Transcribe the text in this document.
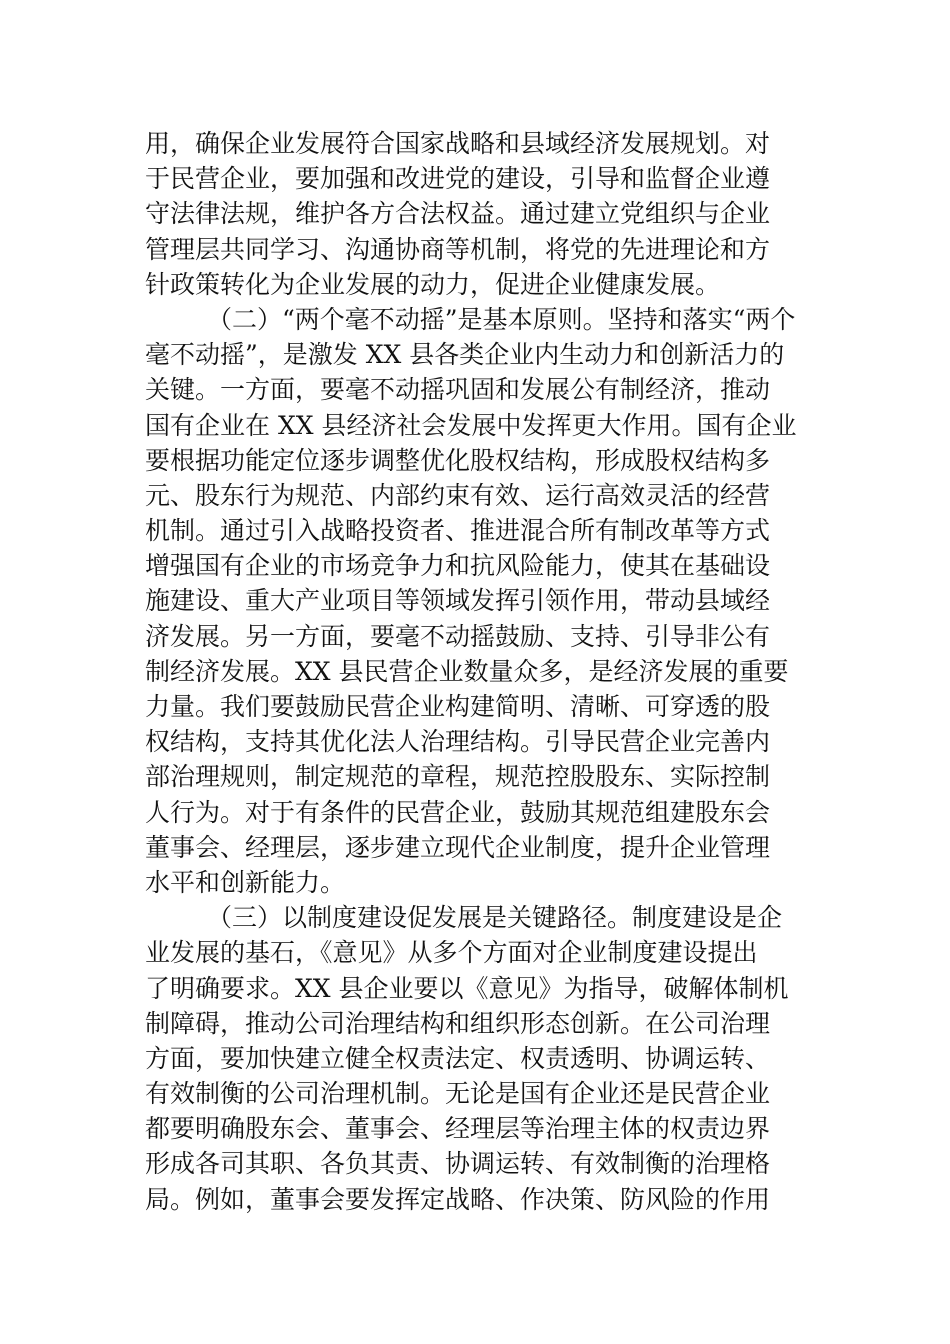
用，确保企业发展符合国家战略和县域经济发展规划。对
于民营企业，要加强和改进党的建设，引导和监督企业遵
守法律法规，维护各方合法权益。通过建立党组织与企业
管理层共同学习、沟通协商等机制，将党的先进理论和方
针政策转化为企业发展的动力，促进企业健康发展。
（二）“两个毫不动摇”是基本原则。坚持和落实“两个
毫不动摇”，是激发 XX 县各类企业内生动力和创新活力的
关键。一方面，要毫不动摇巩固和发展公有制经济，推动
国有企业在 XX 县经济社会发展中发挥更大作用。国有企业
要根据功能定位逐步调整优化股权结构，形成股权结构多
元、股东行为规范、内部约束有效、运行高效灵活的经营
机制。通过引入战略投资者、推进混合所有制改革等方式
增强国有企业的市场竞争力和抗风险能力，使其在基础设
施建设、重大产业项目等领域发挥引领作用，带动县域经
济发展。另一方面，要毫不动摇鼓励、支持、引导非公有
制经济发展。XX 县民营企业数量众多，是经济发展的重要
力量。我们要鼓励民营企业构建简明、清晰、可穿透的股
权结构，支持其优化法人治理结构。引导民营企业完善内
部治理规则，制定规范的章程，规范控股股东、实际控制
人行为。对于有条件的民营企业，鼓励其规范组建股东会
董事会、经理层，逐步建立现代企业制度，提升企业管理
水平和创新能力。
（三）以制度建设促发展是关键路径。制度建设是企
业发展的基石，《意见》从多个方面对企业制度建设提出
了明确要求。XX 县企业要以《意见》为指导，破解体制机
制障碍，推动公司治理结构和组织形态创新。在公司治理
方面，要加快建立健全权责法定、权责透明、协调运转、
有效制衡的公司治理机制。无论是国有企业还是民营企业
都要明确股东会、董事会、经理层等治理主体的权责边界
形成各司其职、各负其责、协调运转、有效制衡的治理格
局。例如，董事会要发挥定战略、作决策、防风险的作用
